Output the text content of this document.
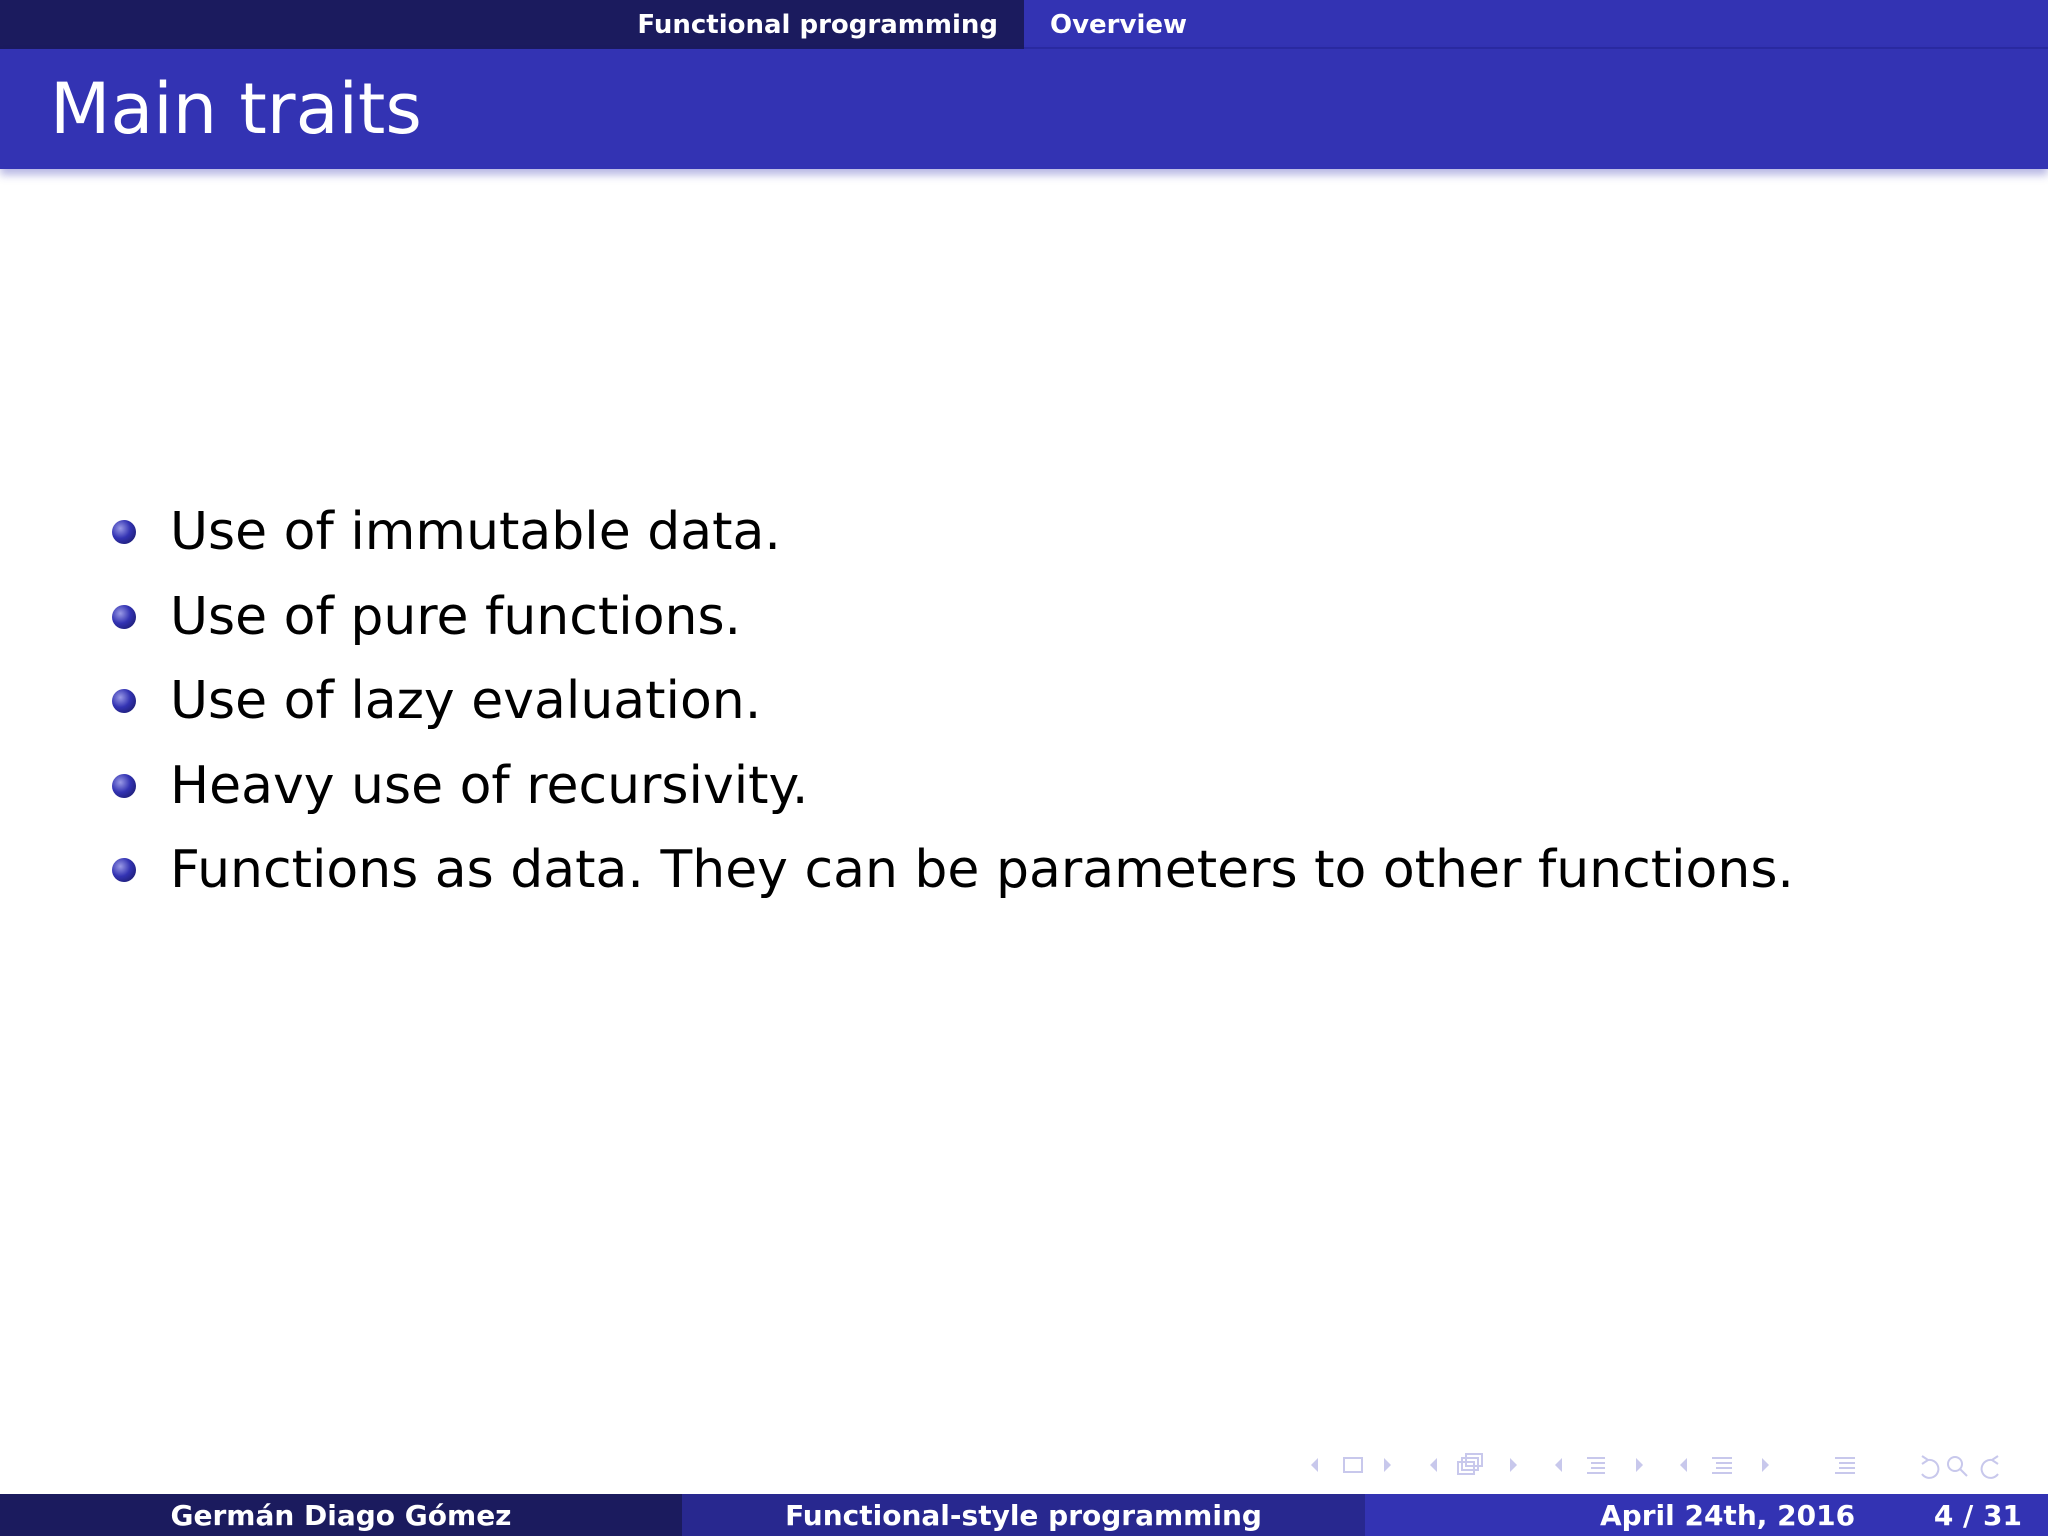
Functional programming	Overview
Main traits
Use of immutable data.
Use of pure functions.
Use of lazy evaluation.
Heavy use of recursivity.
Functions as data. They can be parameters to other functions.
Germán Diago Gómez	Functional-style programming	April 24th, 2016	4 / 31
